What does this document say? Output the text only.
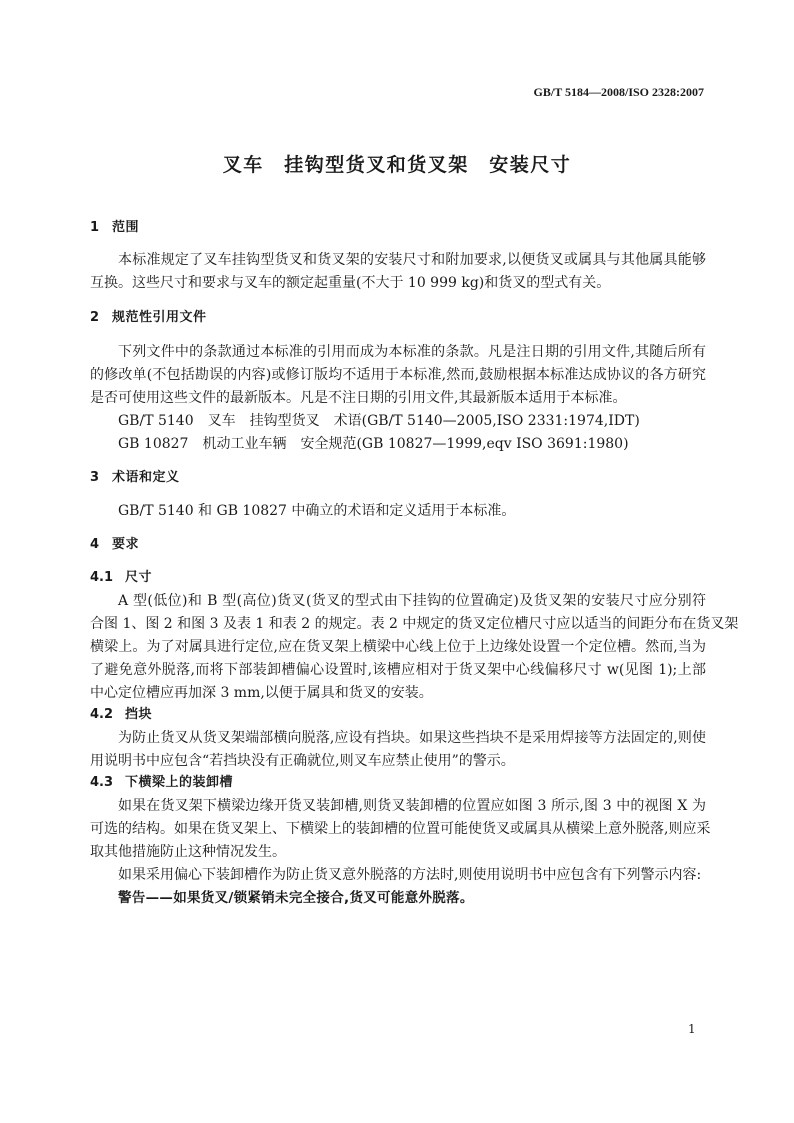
GB/T 5184—2008/ISO 2328:2007
叉车　挂钩型货叉和货叉架　安装尺寸
1 范围
本标准规定了叉车挂钩型货叉和货叉架的安装尺寸和附加要求,以便货叉或属具与其他属具能够
互换。这些尺寸和要求与叉车的额定起重量(不大于 10 999 kg)和货叉的型式有关。
2 规范性引用文件
下列文件中的条款通过本标准的引用而成为本标准的条款。凡是注日期的引用文件,其随后所有
的修改单(不包括勘误的内容)或修订版均不适用于本标准,然而,鼓励根据本标准达成协议的各方研究
是否可使用这些文件的最新版本。凡是不注日期的引用文件,其最新版本适用于本标准。
GB/T 5140　叉车　挂钩型货叉　术语(GB/T 5140—2005,ISO 2331:1974,IDT)
GB 10827　机动工业车辆　安全规范(GB 10827—1999,eqv ISO 3691:1980)
3 术语和定义
GB/T 5140 和 GB 10827 中确立的术语和定义适用于本标准。
4 要求
4.1 尺寸
A 型(低位)和 B 型(高位)货叉(货叉的型式由下挂钩的位置确定)及货叉架的安装尺寸应分别符
合图 1、图 2 和图 3 及表 1 和表 2 的规定。表 2 中规定的货叉定位槽尺寸应以适当的间距分布在货叉架
横梁上。为了对属具进行定位,应在货叉架上横梁中心线上位于上边缘处设置一个定位槽。然而,当为
了避免意外脱落,而将下部装卸槽偏心设置时,该槽应相对于货叉架中心线偏移尺寸 w(见图 1);上部
中心定位槽应再加深 3 mm,以便于属具和货叉的安装。
4.2 挡块
为防止货叉从货叉架端部横向脱落,应设有挡块。如果这些挡块不是采用焊接等方法固定的,则使
用说明书中应包含“若挡块没有正确就位,则叉车应禁止使用”的警示。
4.3 下横梁上的装卸槽
如果在货叉架下横梁边缘开货叉装卸槽,则货叉装卸槽的位置应如图 3 所示,图 3 中的视图 X 为
可选的结构。如果在货叉架上、下横梁上的装卸槽的位置可能使货叉或属具从横梁上意外脱落,则应采
取其他措施防止这种情况发生。
如果采用偏心下装卸槽作为防止货叉意外脱落的方法时,则使用说明书中应包含有下列警示内容:
警告——如果货叉/锁紧销未完全接合,货叉可能意外脱落。
1
